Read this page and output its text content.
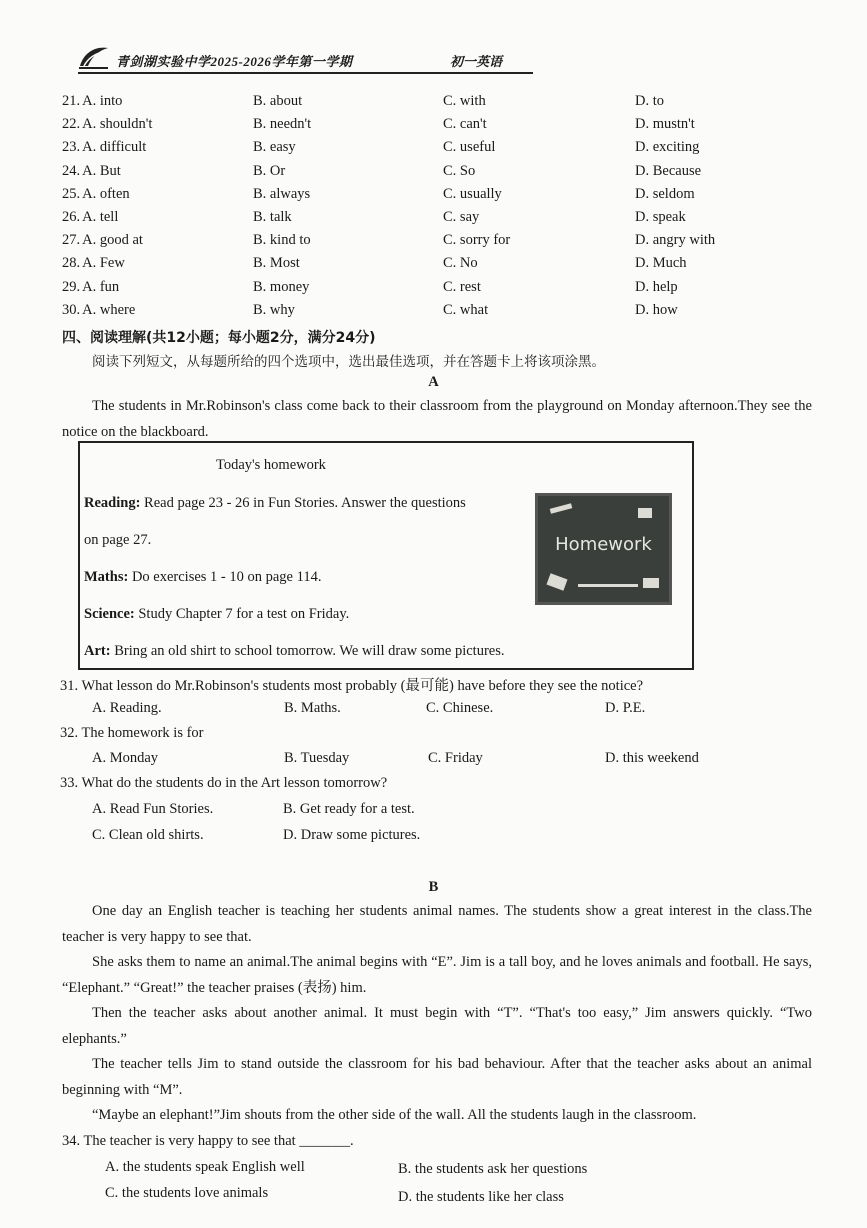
青剑湖实验中学2025-2026学年第一学期	初一英语
21. A. into	B. about	C. with	D. to
22. A. shouldn't	B. needn't	C. can't	D. mustn't
23. A. difficult	B. easy	C. useful	D. exciting
24. A. But	B. Or	C. So	D. Because
25. A. often	B. always	C. usually	D. seldom
26. A. tell	B. talk	C. say	D. speak
27. A. good at	B. kind to	C. sorry for	D. angry with
28. A. Few	B. Most	C. No	D. Much
29. A. fun	B. money	C. rest	D. help
30. A. where	B. why	C. what	D. how
四、阅读理解(共12小题；每小题2分，满分24分)
阅读下列短文，从每题所给的四个选项中，选出最佳选项，并在答题卡上将该项涂黑。
A
The students in Mr.Robinson's class come back to their classroom from the playground on Monday afternoon.They see the notice on the blackboard.
Today's homework
Reading: Read page 23 - 26 in Fun Stories. Answer the questions
on page 27.
Maths: Do exercises 1 - 10 on page 114.
Science: Study Chapter 7 for a test on Friday.
Art: Bring an old shirt to school tomorrow. We will draw some pictures.
Homework
31. What lesson do Mr.Robinson's students most probably (最可能) have before they see the notice?
A. Reading.	B. Maths.	C. Chinese.	D. P.E.
32. The homework is for
A. Monday	B. Tuesday	C. Friday	D. this weekend
33. What do the students do in the Art lesson tomorrow?
A. Read Fun Stories.	B. Get ready for a test.
C. Clean old shirts.	D. Draw some pictures.
B
One day an English teacher is teaching her students animal names. The students show a great interest in the class.The teacher is very happy to see that.
She asks them to name an animal.The animal begins with “E”. Jim is a tall boy, and he loves animals and football. He says, “Elephant.” “Great!” the teacher praises (表扬) him.
Then the teacher asks about another animal. It must begin with “T”. “That's too easy,” Jim answers quickly. “Two elephants.”
The teacher tells Jim to stand outside the classroom for his bad behaviour. After that the teacher asks about an animal beginning with “M”.
“Maybe an elephant!”Jim shouts from the other side of the wall. All the students laugh in the classroom.
34. The teacher is very happy to see that _______.
A. the students speak English well	B. the students ask her questions
C. the students love animals	D. the students like her class
